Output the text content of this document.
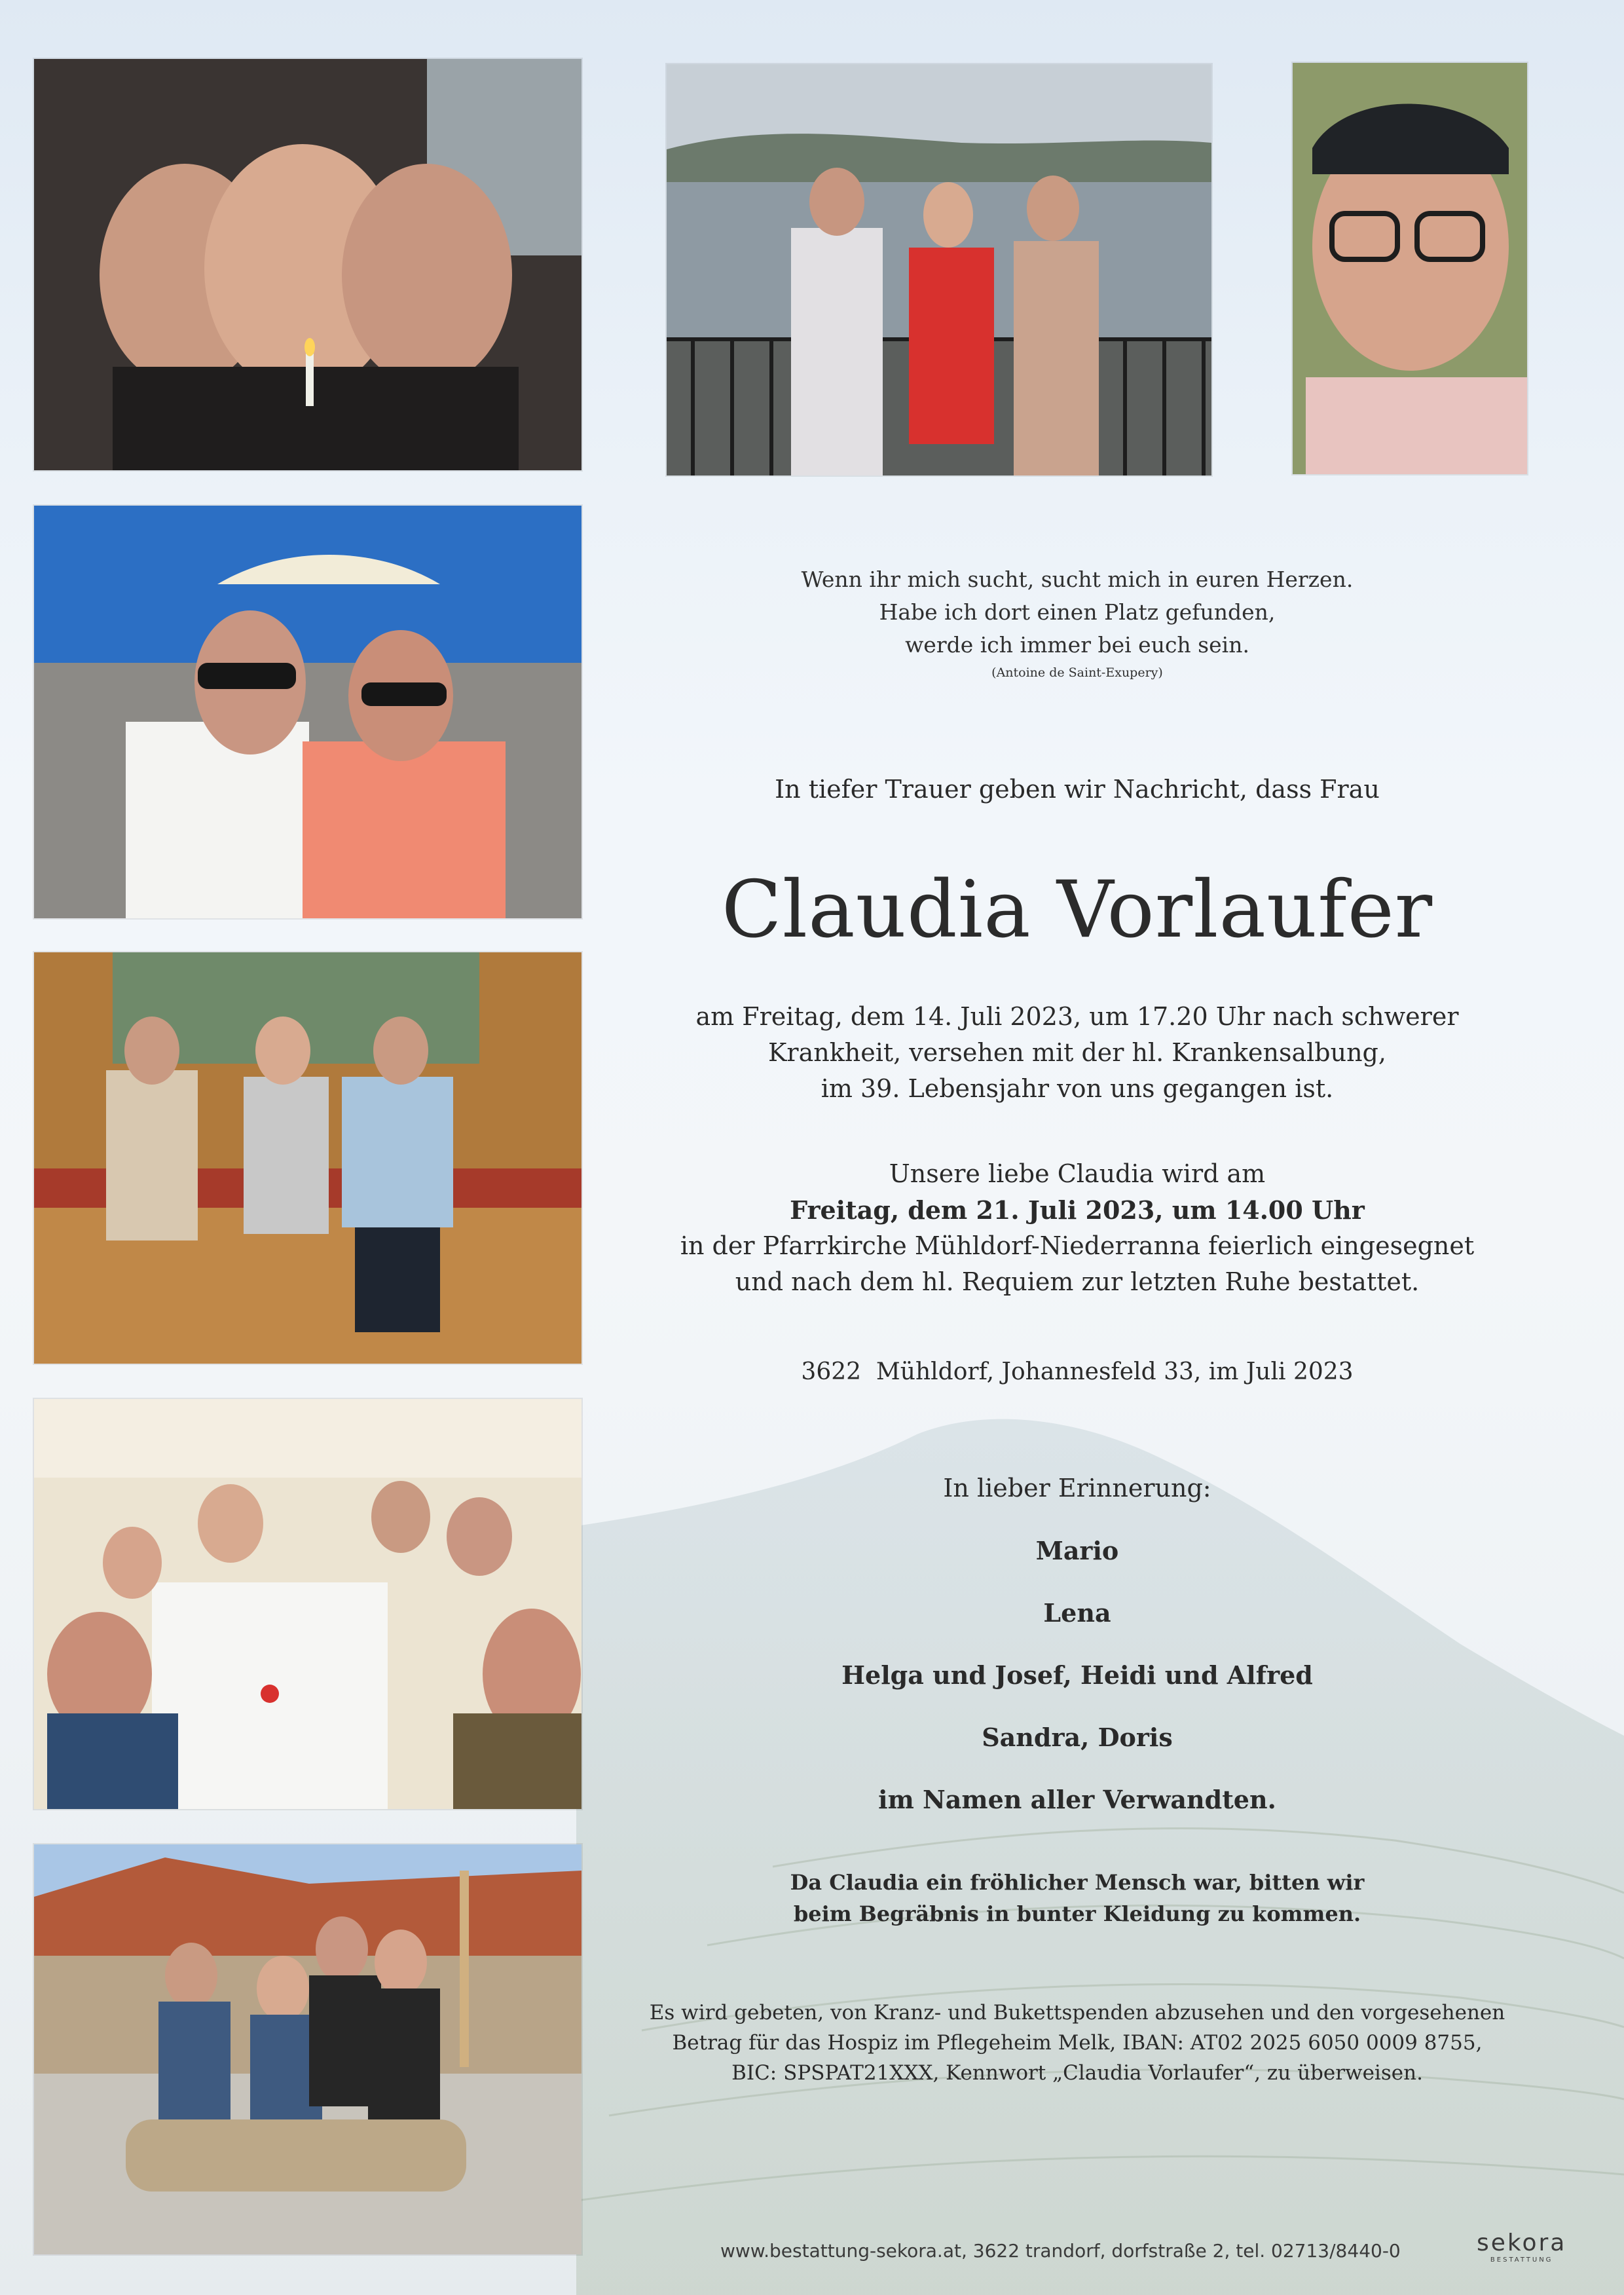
Wenn ihr mich sucht, sucht mich in euren Herzen.
Habe ich dort einen Platz gefunden,
werde ich immer bei euch sein.
(Antoine de Saint-Exupery)
In tiefer Trauer geben wir Nachricht, dass Frau
Claudia Vorlaufer
am Freitag, dem 14. Juli 2023, um 17.20 Uhr nach schwerer
Krankheit, versehen mit der hl. Krankensalbung,
im 39. Lebensjahr von uns gegangen ist.
Unsere liebe Claudia wird am
Freitag, dem 21. Juli 2023, um 14.00 Uhr
in der Pfarrkirche Mühldorf-Niederranna feierlich eingesegnet
und nach dem hl. Requiem zur letzten Ruhe bestattet.
3622  Mühldorf, Johannesfeld 33, im Juli 2023
In lieber Erinnerung:
Mario
Lena
Helga und Josef, Heidi und Alfred
Sandra, Doris
im Namen aller Verwandten.
Da Claudia ein fröhlicher Mensch war, bitten wir
beim Begräbnis in bunter Kleidung zu kommen.
Es wird gebeten, von Kranz- und Bukettspenden abzusehen und den vorgesehenen
Betrag für das Hospiz im Pflegeheim Melk, IBAN: AT02 2025 6050 0009 8755,
BIC: SPSPAT21XXX, Kennwort „Claudia Vorlaufer“, zu überweisen.
www.bestattung-sekora.at, 3622 trandorf, dorfstraße 2, tel. 02713/8440-0	sekora
BESTATTUNG
